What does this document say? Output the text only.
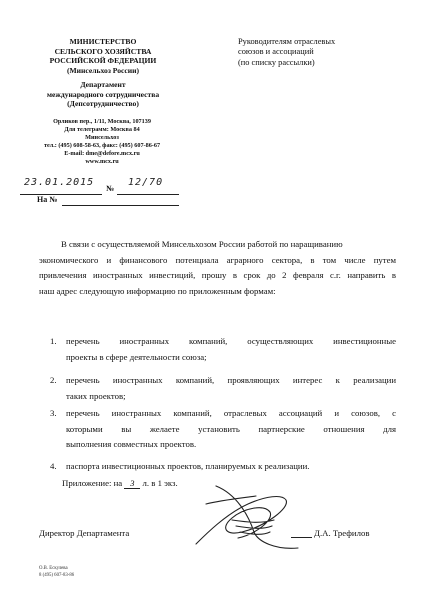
МИНИСТЕРСТВО
СЕЛЬСКОГО ХОЗЯЙСТВА
РОССИЙСКОЙ ФЕДЕРАЦИИ
(Минсельхоз России)
Департамент
международного сотрудничества
(Депсотрудничество)
Орликов пер., 1/11, Москва, 107139
Для телеграмм: Москва 84
Минсельхоз
тел.: (495) 608-58-63, факс: (495) 607-86-67
E-mail: dme@defore.mcx.ru
www.mcx.ru
Руководителям отраслевых
союзов и ассоциаций
(по списку рассылки)
23.01.2015
№
12/70
На №
В связи с осуществляемой Минсельхозом России работой по наращиванию
экономического и финансового потенциала аграрного сектора, в том числе путем
привлечения иностранных инвестиций, прошу в срок до 2 февраля с.г. направить в
наш адрес следующую информацию по приложенным формам:
1. перечень иностранных компаний, осуществляющих инвестиционные
проекты в сфере деятельности союза;
2. перечень иностранных компаний, проявляющих интерес к реализации
таких проектов;
3. перечень иностранных компаний, отраслевых ассоциаций и союзов, с
которыми вы желаете установить партнерские отношения для
выполнения совместных проектов.
4. паспорта инвестиционных проектов, планируемых к реализации.
Приложение: на 3 л. в 1 экз.
Директор Департамента	Д.А. Трефилов
О.В. Ескулева
8 (495) 607-83-86
